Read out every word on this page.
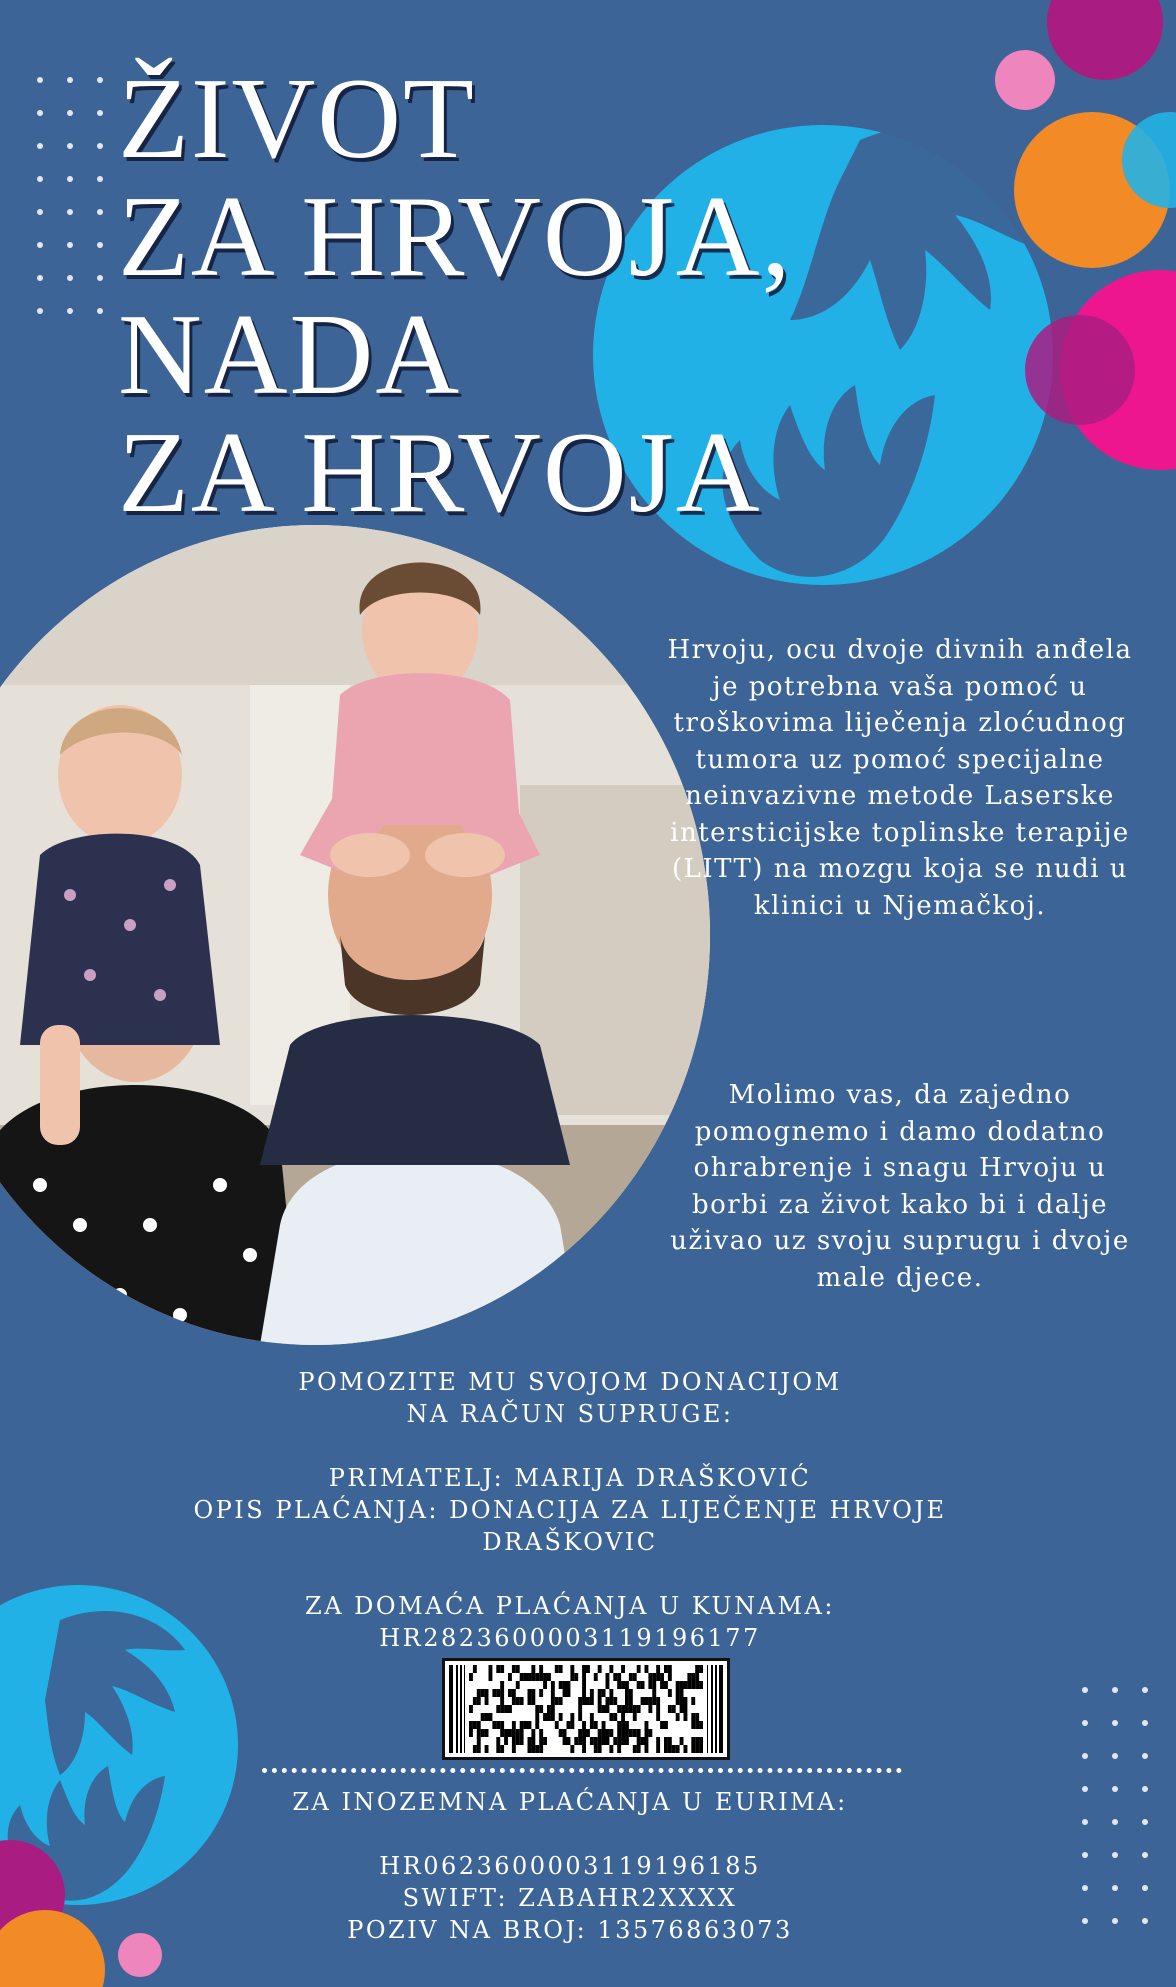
ŽIVOT
ZA HRVOJA,
NADA
ZA HRVOJA

Hrvoju, ocu dvoje divnih anđela je potrebna vaša pomoć u troškovima liječenja zloćudnog tumora uz pomoć specijalne neinvazivne metode Laserske intersticijske toplinske terapije (LITT) na mozgu koja se nudi u klinici u Njemačkoj.

Molimo vas, da zajedno pomognemo i damo dodatno ohrabrenje i snagu Hrvoju u borbi za život kako bi i dalje uživao uz svoju suprugu i dvoje male djece.

POMOZITE MU SVOJOM DONACIJOM

NA RAČUN SUPRUGE:

PRIMATELJ: MARIJA DRAŠKOVIĆ

OPIS PLAĆANJA: DONACIJA ZA LIJEČENJE HRVOJE DRAŠKOVIC

ZA DOMAĆA PLAĆANJA U KUNAMA:

HR2823600003119196177

ZA INOZEMNA PLAĆANJA U EURIMA:

HR0623600003119196185

SWIFT: ZABAHR2XXXX

POZIV NA BROJ: 13576863073
